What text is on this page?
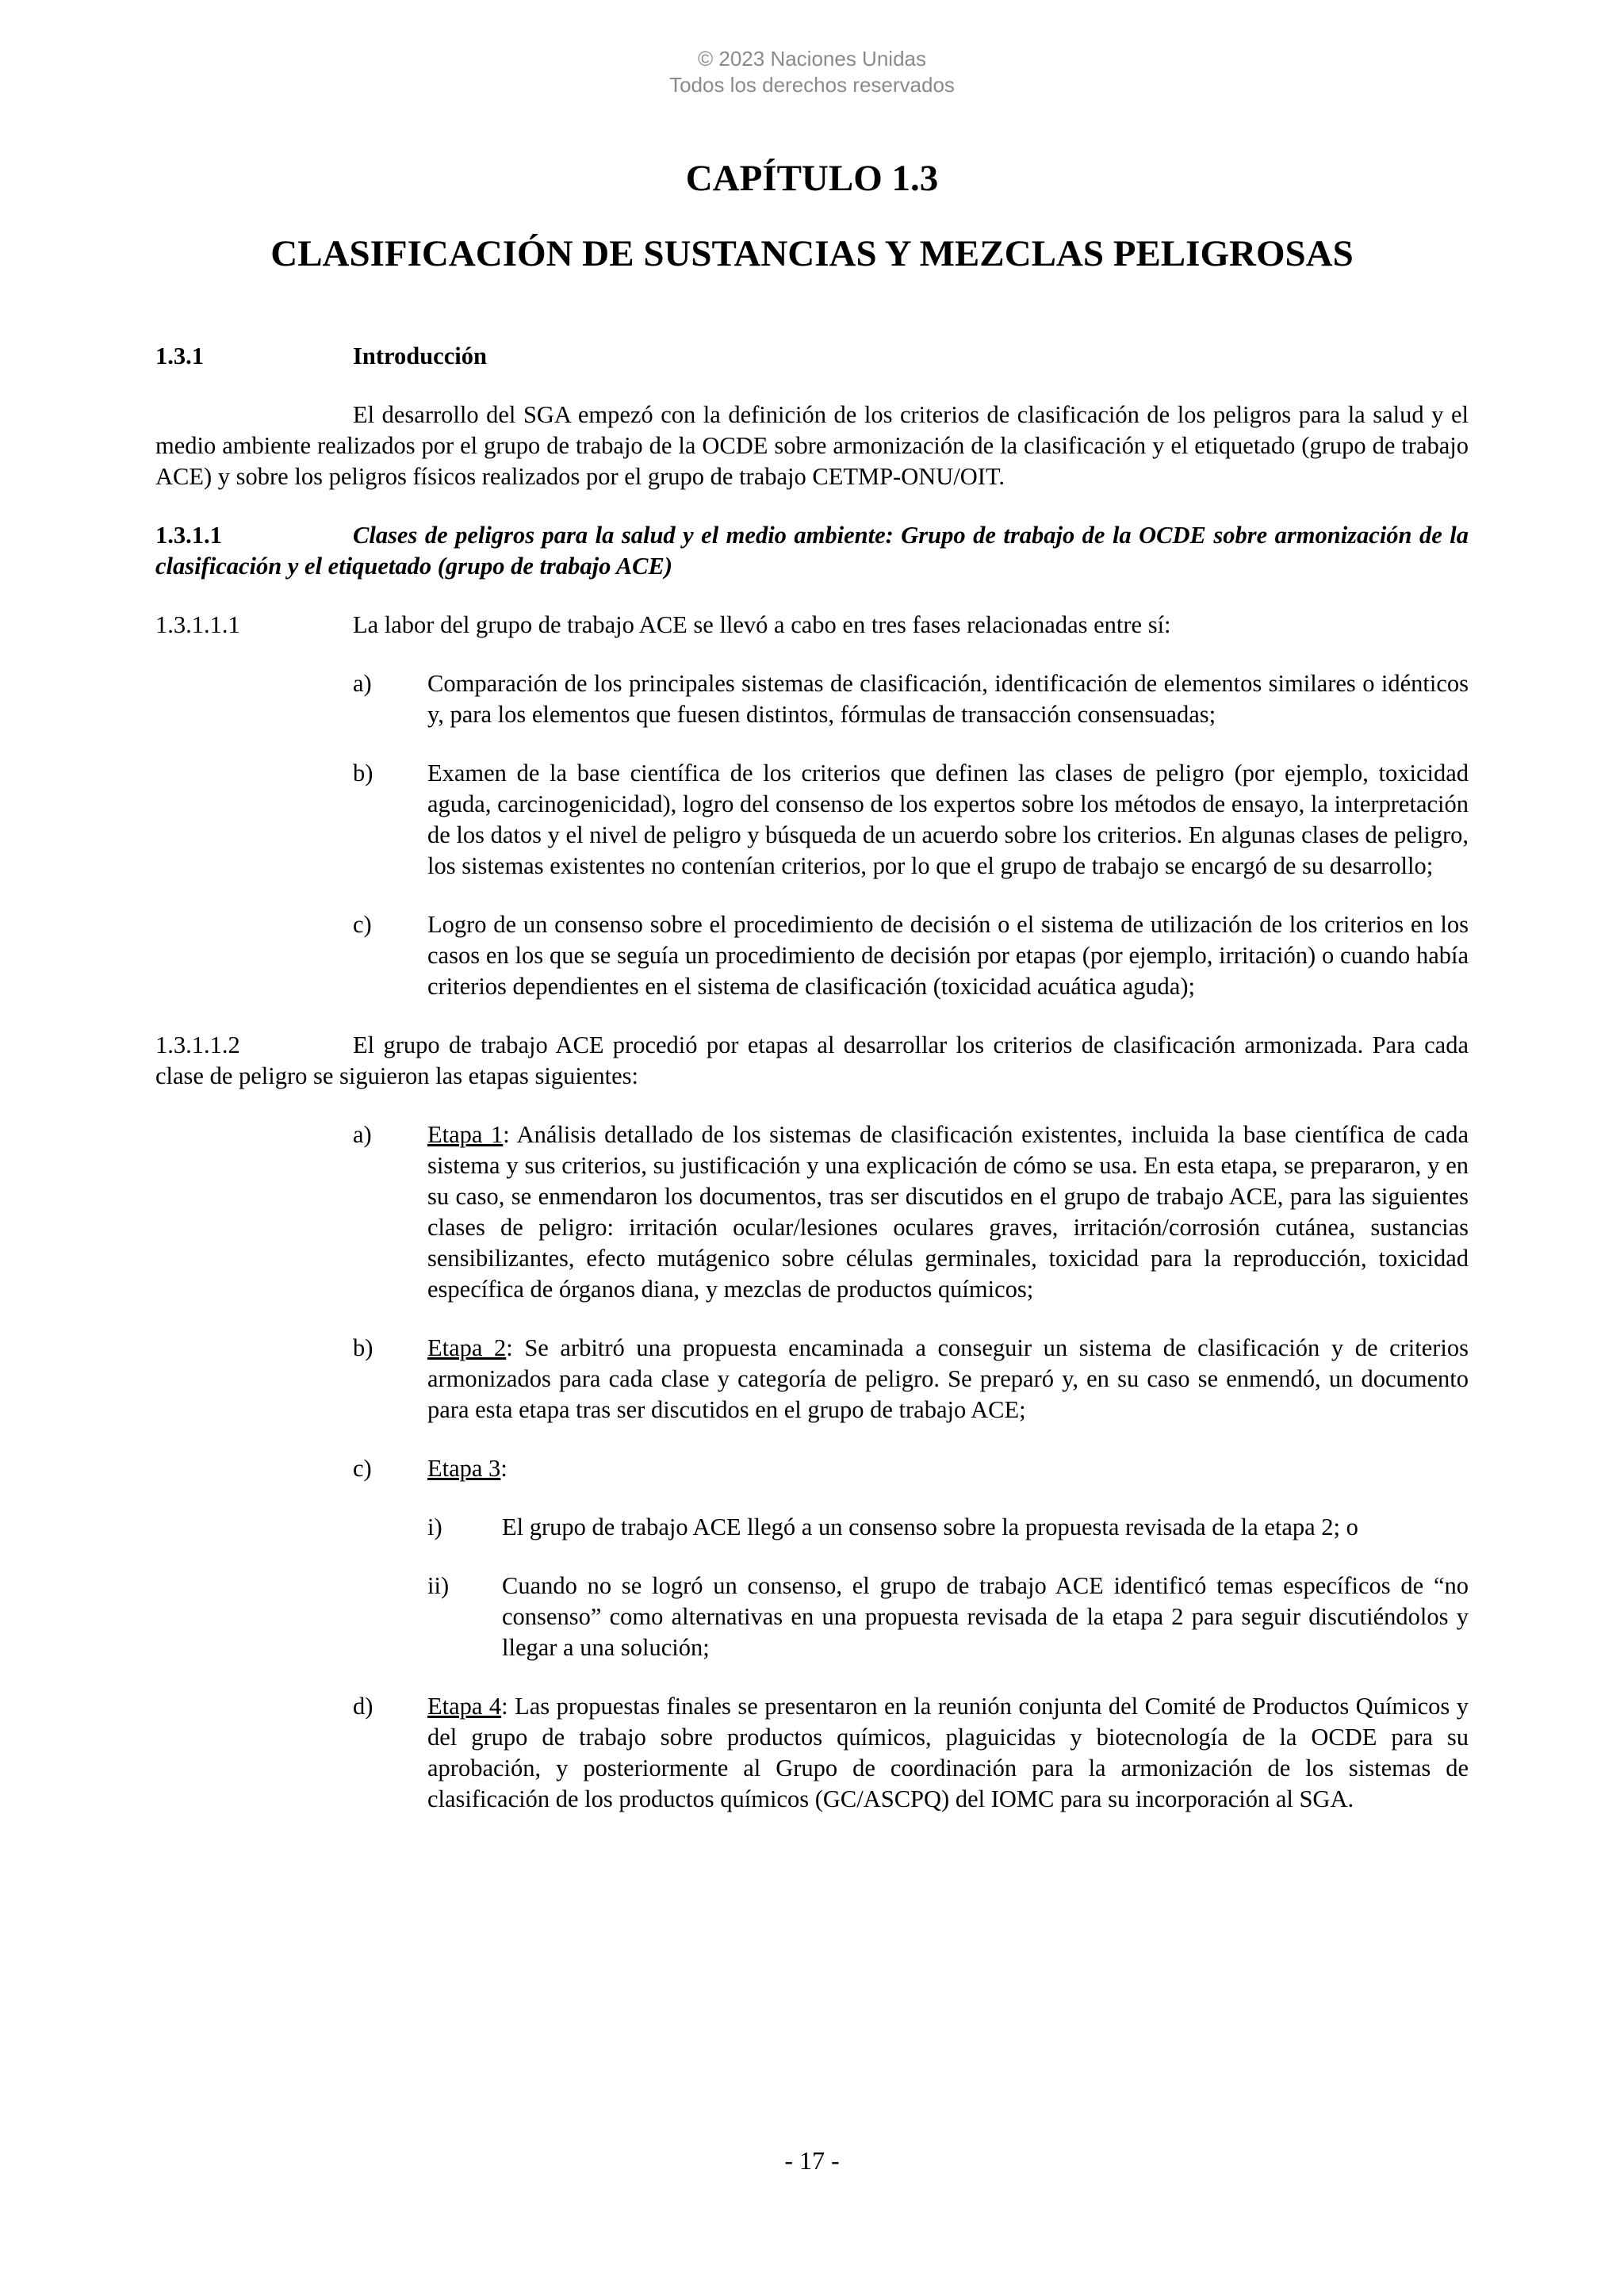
© 2023 Naciones Unidas
Todos los derechos reservados
CAPÍTULO 1.3
CLASIFICACIÓN DE SUSTANCIAS Y MEZCLAS PELIGROSAS
1.3.1	Introducción
El desarrollo del SGA empezó con la definición de los criterios de clasificación de los peligros para la salud y el medio ambiente realizados por el grupo de trabajo de la OCDE sobre armonización de la clasificación y el etiquetado (grupo de trabajo ACE) y sobre los peligros físicos realizados por el grupo de trabajo CETMP-ONU/OIT.
1.3.1.1	Clases de peligros para la salud y el medio ambiente: Grupo de trabajo de la OCDE sobre armonización de la clasificación y el etiquetado (grupo de trabajo ACE)
1.3.1.1.1	La labor del grupo de trabajo ACE se llevó a cabo en tres fases relacionadas entre sí:
a)	Comparación de los principales sistemas de clasificación, identificación de elementos similares o idénticos y, para los elementos que fuesen distintos, fórmulas de transacción consensuadas;
b)	Examen de la base científica de los criterios que definen las clases de peligro (por ejemplo, toxicidad aguda, carcinogenicidad), logro del consenso de los expertos sobre los métodos de ensayo, la interpretación de los datos y el nivel de peligro y búsqueda de un acuerdo sobre los criterios. En algunas clases de peligro, los sistemas existentes no contenían criterios, por lo que el grupo de trabajo se encargó de su desarrollo;
c)	Logro de un consenso sobre el procedimiento de decisión o el sistema de utilización de los criterios en los casos en los que se seguía un procedimiento de decisión por etapas (por ejemplo, irritación) o cuando había criterios dependientes en el sistema de clasificación (toxicidad acuática aguda);
1.3.1.1.2	El grupo de trabajo ACE procedió por etapas al desarrollar los criterios de clasificación armonizada. Para cada clase de peligro se siguieron las etapas siguientes:
a)	Etapa 1: Análisis detallado de los sistemas de clasificación existentes, incluida la base científica de cada sistema y sus criterios, su justificación y una explicación de cómo se usa. En esta etapa, se prepararon, y en su caso, se enmendaron los documentos, tras ser discutidos en el grupo de trabajo ACE, para las siguientes clases de peligro: irritación ocular/lesiones oculares graves, irritación/corrosión cutánea, sustancias sensibilizantes, efecto mutágenico sobre células germinales, toxicidad para la reproducción, toxicidad específica de órganos diana, y mezclas de productos químicos;
b)	Etapa 2: Se arbitró una propuesta encaminada a conseguir un sistema de clasificación y de criterios armonizados para cada clase y categoría de peligro. Se preparó y, en su caso se enmendó, un documento para esta etapa tras ser discutidos en el grupo de trabajo ACE;
c)	Etapa 3:
i)	El grupo de trabajo ACE llegó a un consenso sobre la propuesta revisada de la etapa 2; o
ii)	Cuando no se logró un consenso, el grupo de trabajo ACE identificó temas específicos de “no consenso” como alternativas en una propuesta revisada de la etapa 2 para seguir discutiéndolos y llegar a una solución;
d)	Etapa 4: Las propuestas finales se presentaron en la reunión conjunta del Comité de Productos Químicos y del grupo de trabajo sobre productos químicos, plaguicidas y biotecnología de la OCDE para su aprobación, y posteriormente al Grupo de coordinación para la armonización de los sistemas de clasificación de los productos químicos (GC/ASCPQ) del IOMC para su incorporación al SGA.
- 17 -
